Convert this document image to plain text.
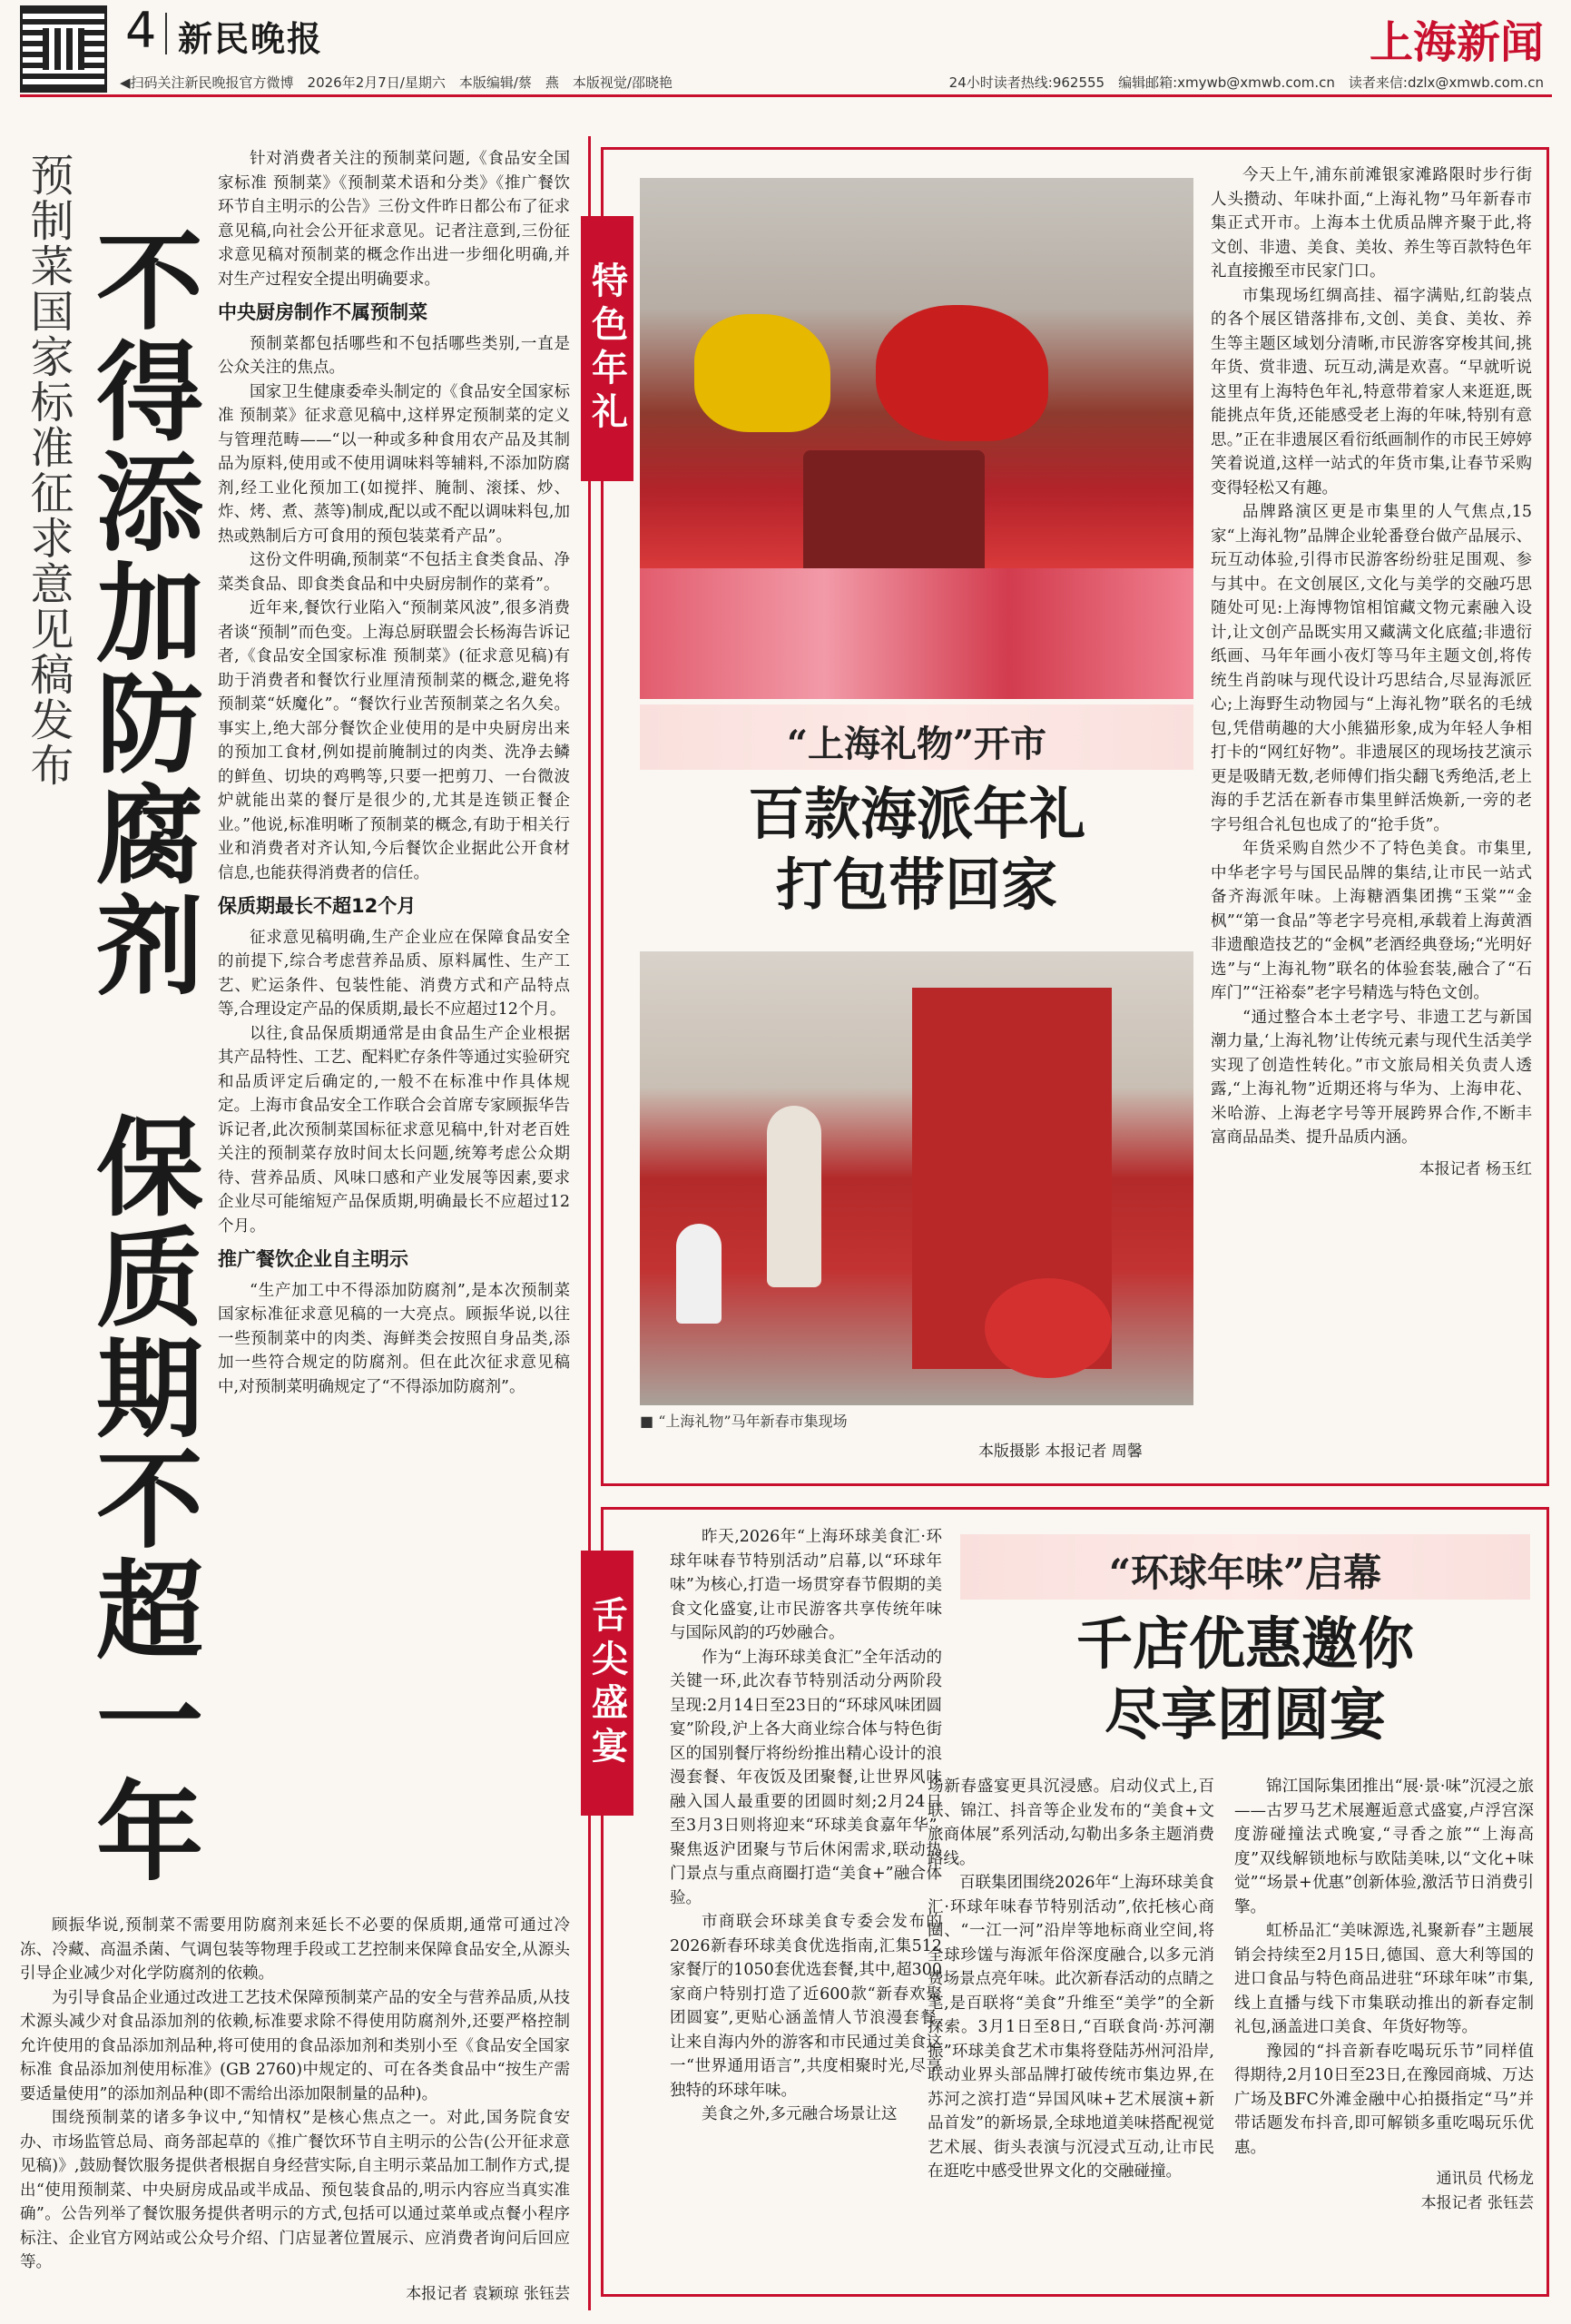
4 新民晚报	上海新闻
◀扫码关注新民晚报官方微博　2026年2月7日/星期六　本版编辑/蔡　燕　本版视觉/邵晓艳	24小时读者热线:962555　编辑邮箱:xmywb@xmwb.com.cn　读者来信:dzlx@xmwb.com.cn
预制菜国家标准征求意见稿发布 不得添加防腐剂　保质期不超一年

针对消费者关注的预制菜问题,《食品安全国家标准 预制菜》《预制菜术语和分类》《推广餐饮环节自主明示的公告》三份文件昨日都公布了征求意见稿,向社会公开征求意见。记者注意到,三份征求意见稿对预制菜的概念作出进一步细化明确,并对生产过程安全提出明确要求。

中央厨房制作不属预制菜

预制菜都包括哪些和不包括哪些类别,一直是公众关注的焦点。

国家卫生健康委牵头制定的《食品安全国家标准 预制菜》征求意见稿中,这样界定预制菜的定义与管理范畴——“以一种或多种食用农产品及其制品为原料,使用或不使用调味料等辅料,不添加防腐剂,经工业化预加工(如搅拌、腌制、滚揉、炒、炸、烤、煮、蒸等)制成,配以或不配以调味料包,加热或熟制后方可食用的预包装菜肴产品”。

这份文件明确,预制菜“不包括主食类食品、净菜类食品、即食类食品和中央厨房制作的菜肴”。

近年来,餐饮行业陷入“预制菜风波”,很多消费者谈“预制”而色变。上海总厨联盟会长杨海告诉记者,《食品安全国家标准 预制菜》(征求意见稿)有助于消费者和餐饮行业厘清预制菜的概念,避免将预制菜“妖魔化”。“餐饮行业苦预制菜之名久矣。事实上,绝大部分餐饮企业使用的是中央厨房出来的预加工食材,例如提前腌制过的肉类、洗净去鳞的鲜鱼、切块的鸡鸭等,只要一把剪刀、一台微波炉就能出菜的餐厅是很少的,尤其是连锁正餐企业。”他说,标准明晰了预制菜的概念,有助于相关行业和消费者对齐认知,今后餐饮企业据此公开食材信息,也能获得消费者的信任。

保质期最长不超12个月

征求意见稿明确,生产企业应在保障食品安全的前提下,综合考虑营养品质、原料属性、生产工艺、贮运条件、包装性能、消费方式和产品特点等,合理设定产品的保质期,最长不应超过12个月。

以往,食品保质期通常是由食品生产企业根据其产品特性、工艺、配料贮存条件等通过实验研究和品质评定后确定的,一般不在标准中作具体规定。上海市食品安全工作联合会首席专家顾振华告诉记者,此次预制菜国标征求意见稿中,针对老百姓关注的预制菜存放时间太长问题,统筹考虑公众期待、营养品质、风味口感和产业发展等因素,要求企业尽可能缩短产品保质期,明确最长不应超过12个月。

推广餐饮企业自主明示

“生产加工中不得添加防腐剂”,是本次预制菜国家标准征求意见稿的一大亮点。顾振华说,以往一些预制菜中的肉类、海鲜类会按照自身品类,添加一些符合规定的防腐剂。但在此次征求意见稿中,对预制菜明确规定了“不得添加防腐剂”。

顾振华说,预制菜不需要用防腐剂来延长不必要的保质期,通常可通过冷冻、冷藏、高温杀菌、气调包装等物理手段或工艺控制来保障食品安全,从源头引导企业减少对化学防腐剂的依赖。

为引导食品企业通过改进工艺技术保障预制菜产品的安全与营养品质,从技术源头减少对食品添加剂的依赖,标准要求除不得使用防腐剂外,还要严格控制允许使用的食品添加剂品种,将可使用的食品添加剂和类别小至《食品安全国家标准 食品添加剂使用标准》(GB 2760)中规定的、可在各类食品中“按生产需要适量使用”的添加剂品种(即不需给出添加限制量的品种)。

围绕预制菜的诸多争议中,“知情权”是核心焦点之一。对此,国务院食安办、市场监管总局、商务部起草的《推广餐饮环节自主明示的公告(公开征求意见稿)》,鼓励餐饮服务提供者根据自身经营实际,自主明示菜品加工制作方式,提出“使用预制菜、中央厨房成品或半成品、预包装食品的,明示内容应当真实准确”。公告列举了餐饮服务提供者明示的方式,包括可以通过菜单或点餐小程序标注、企业官方网站或公众号介绍、门店显著位置展示、应消费者询问后回应等。

本报记者 袁颖琼 张钰芸
特色年礼
“上海礼物”开市
百款海派年礼
打包带回家
■ “上海礼物”马年新春市集现场
本版摄影 本报记者 周馨

今天上午,浦东前滩银家滩路限时步行街人头攒动、年味扑面,“上海礼物”马年新春市集正式开市。上海本土优质品牌齐聚于此,将文创、非遗、美食、美妆、养生等百款特色年礼直接搬至市民家门口。

市集现场红绸高挂、福字满贴,红韵装点的各个展区错落排布,文创、美食、美妆、养生等主题区域划分清晰,市民游客穿梭其间,挑年货、赏非遗、玩互动,满是欢喜。“早就听说这里有上海特色年礼,特意带着家人来逛逛,既能挑点年货,还能感受老上海的年味,特别有意思。”正在非遗展区看衍纸画制作的市民王婷婷笑着说道,这样一站式的年货市集,让春节采购变得轻松又有趣。

品牌路演区更是市集里的人气焦点,15家“上海礼物”品牌企业轮番登台做产品展示、玩互动体验,引得市民游客纷纷驻足围观、参与其中。在文创展区,文化与美学的交融巧思随处可见:上海博物馆相馆藏文物元素融入设计,让文创产品既实用又藏满文化底蕴;非遗衍纸画、马年年画小夜灯等马年主题文创,将传统生肖韵味与现代设计巧思结合,尽显海派匠心;上海野生动物园与“上海礼物”联名的毛绒包,凭借萌趣的大小熊猫形象,成为年轻人争相打卡的“网红好物”。非遗展区的现场技艺演示更是吸睛无数,老师傅们指尖翻飞秀绝活,老上海的手艺活在新春市集里鲜活焕新,一旁的老字号组合礼包也成了的“抢手货”。

年货采购自然少不了特色美食。市集里,中华老字号与国民品牌的集结,让市民一站式备齐海派年味。上海糖酒集团携“玉棠”“金枫”“第一食品”等老字号亮相,承载着上海黄酒非遗酿造技艺的“金枫”老酒经典登场;“光明好选”与“上海礼物”联名的体验套装,融合了“石库门”“汪裕泰”老字号精选与特色文创。

“通过整合本土老字号、非遗工艺与新国潮力量,‘上海礼物’让传统元素与现代生活美学实现了创造性转化。”市文旅局相关负责人透露,“上海礼物”近期还将与华为、上海申花、米哈游、上海老字号等开展跨界合作,不断丰富商品品类、提升品质内涵。

本报记者 杨玉红
舌尖盛宴
“环球年味”启幕
千店优惠邀你
尽享团圆宴

昨天,2026年“上海环球美食汇·环球年味春节特别活动”启幕,以“环球年味”为核心,打造一场贯穿春节假期的美食文化盛宴,让市民游客共享传统年味与国际风韵的巧妙融合。

作为“上海环球美食汇”全年活动的关键一环,此次春节特别活动分两阶段呈现:2月14日至23日的“环球风味团圆宴”阶段,沪上各大商业综合体与特色街区的国别餐厅将纷纷推出精心设计的浪漫套餐、年夜饭及团聚餐,让世界风味融入国人最重要的团圆时刻;2月24日至3月3日则将迎来“环球美食嘉年华”,聚焦返沪团聚与节后休闲需求,联动热门景点与重点商圈打造“美食+”融合体验。

市商联会环球美食专委会发布的2026新春环球美食优选指南,汇集512家餐厅的1050套优选套餐,其中,超300家商户特别打造了近600款“新春欢聚团圆宴”,更贴心涵盖情人节浪漫套餐,让来自海内外的游客和市民通过美食这一“世界通用语言”,共度相聚时光,尽享独特的环球年味。

美食之外,多元融合场景让这

场新春盛宴更具沉浸感。启动仪式上,百联、锦江、抖音等企业发布的“美食+文旅商体展”系列活动,勾勒出多条主题消费路线。

百联集团围绕2026年“上海环球美食汇·环球年味春节特别活动”,依托核心商圈、“一江一河”沿岸等地标商业空间,将全球珍馐与海派年俗深度融合,以多元消费场景点亮年味。此次新春活动的点睛之笔,是百联将“美食”升维至“美学”的全新探索。3月1日至8日,“百联食尚·苏河潮振”环球美食艺术市集将登陆苏州河沿岸,联动业界头部品牌打破传统市集边界,在苏河之滨打造“异国风味+艺术展演+新品首发”的新场景,全球地道美味搭配视觉艺术展、街头表演与沉浸式互动,让市民在逛吃中感受世界文化的交融碰撞。

锦江国际集团推出“展·景·味”沉浸之旅——古罗马艺术展邂逅意式盛宴,卢浮宫深度游碰撞法式晚宴,“寻香之旅”“上海高度”双线解锁地标与欧陆美味,以“文化+味觉”“场景+优惠”创新体验,激活节日消费引擎。

虹桥品汇“美味源选,礼聚新春”主题展销会持续至2月15日,德国、意大利等国的进口食品与特色商品进驻“环球年味”市集,线上直播与线下市集联动推出的新春定制礼包,涵盖进口美食、年货好物等。

豫园的“抖音新春吃喝玩乐节”同样值得期待,2月10日至23日,在豫园商城、万达广场及BFC外滩金融中心拍摄指定“马”并带话题发布抖音,即可解锁多重吃喝玩乐优惠。

通讯员 代杨龙
本报记者 张钰芸
